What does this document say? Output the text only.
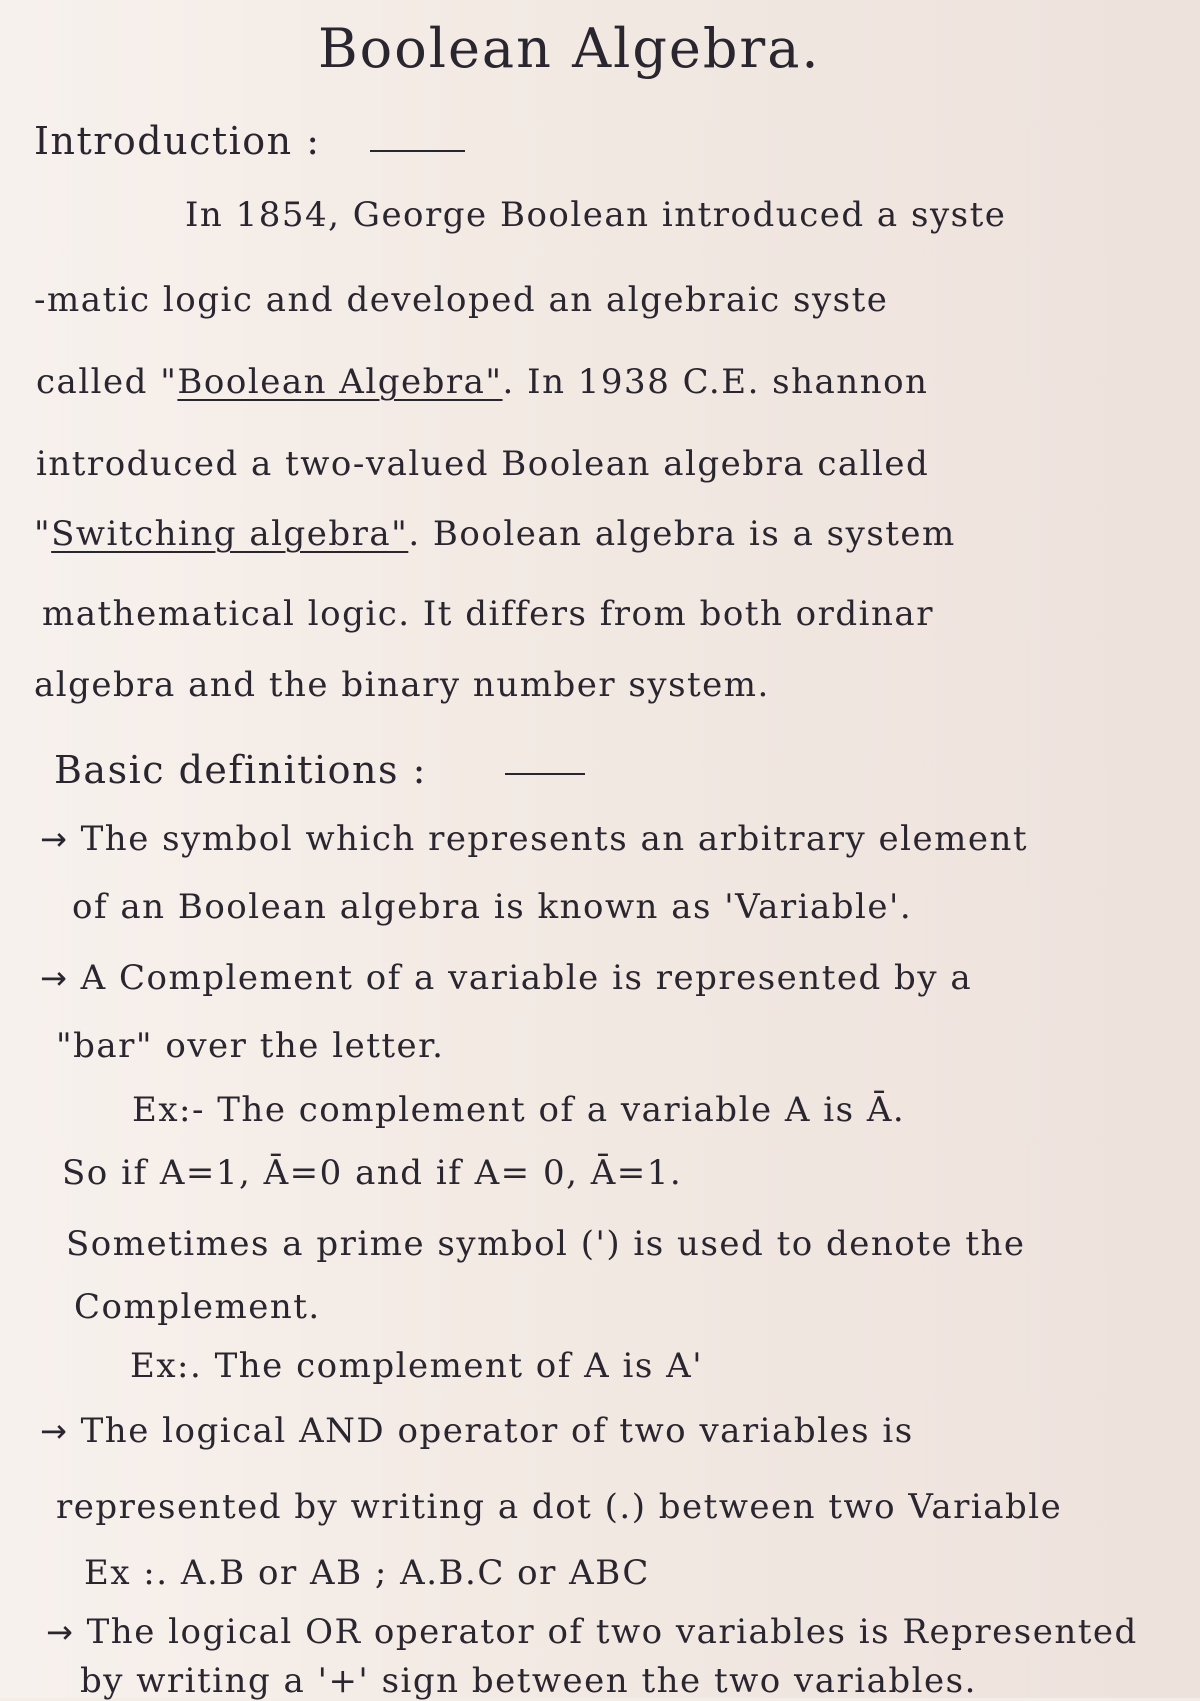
Boolean Algebra.
Introduction :
In 1854, George Boolean introduced a syste
-matic logic and developed an algebraic syste
called "Boolean Algebra". In 1938 C.E. shannon
introduced a two-valued Boolean algebra called
"Switching algebra". Boolean algebra is a system
mathematical logic. It differs from both ordinar
algebra and the binary number system.
Basic definitions :
→ The symbol which represents an arbitrary element
of an Boolean algebra is known as 'Variable'.
→ A Complement of a variable is represented by a
"bar" over the letter.
Ex:- The complement of a variable A is Ā.
So if A=1, Ā=0 and if A= 0, Ā=1.
Sometimes a prime symbol (') is used to denote the
Complement.
Ex:. The complement of A is A'
→ The logical AND operator of two variables is
represented by writing a dot (.) between two Variable
Ex :. A.B or AB ; A.B.C or ABC
→ The logical OR operator of two variables is Represented
by writing a '+' sign between the two variables.
